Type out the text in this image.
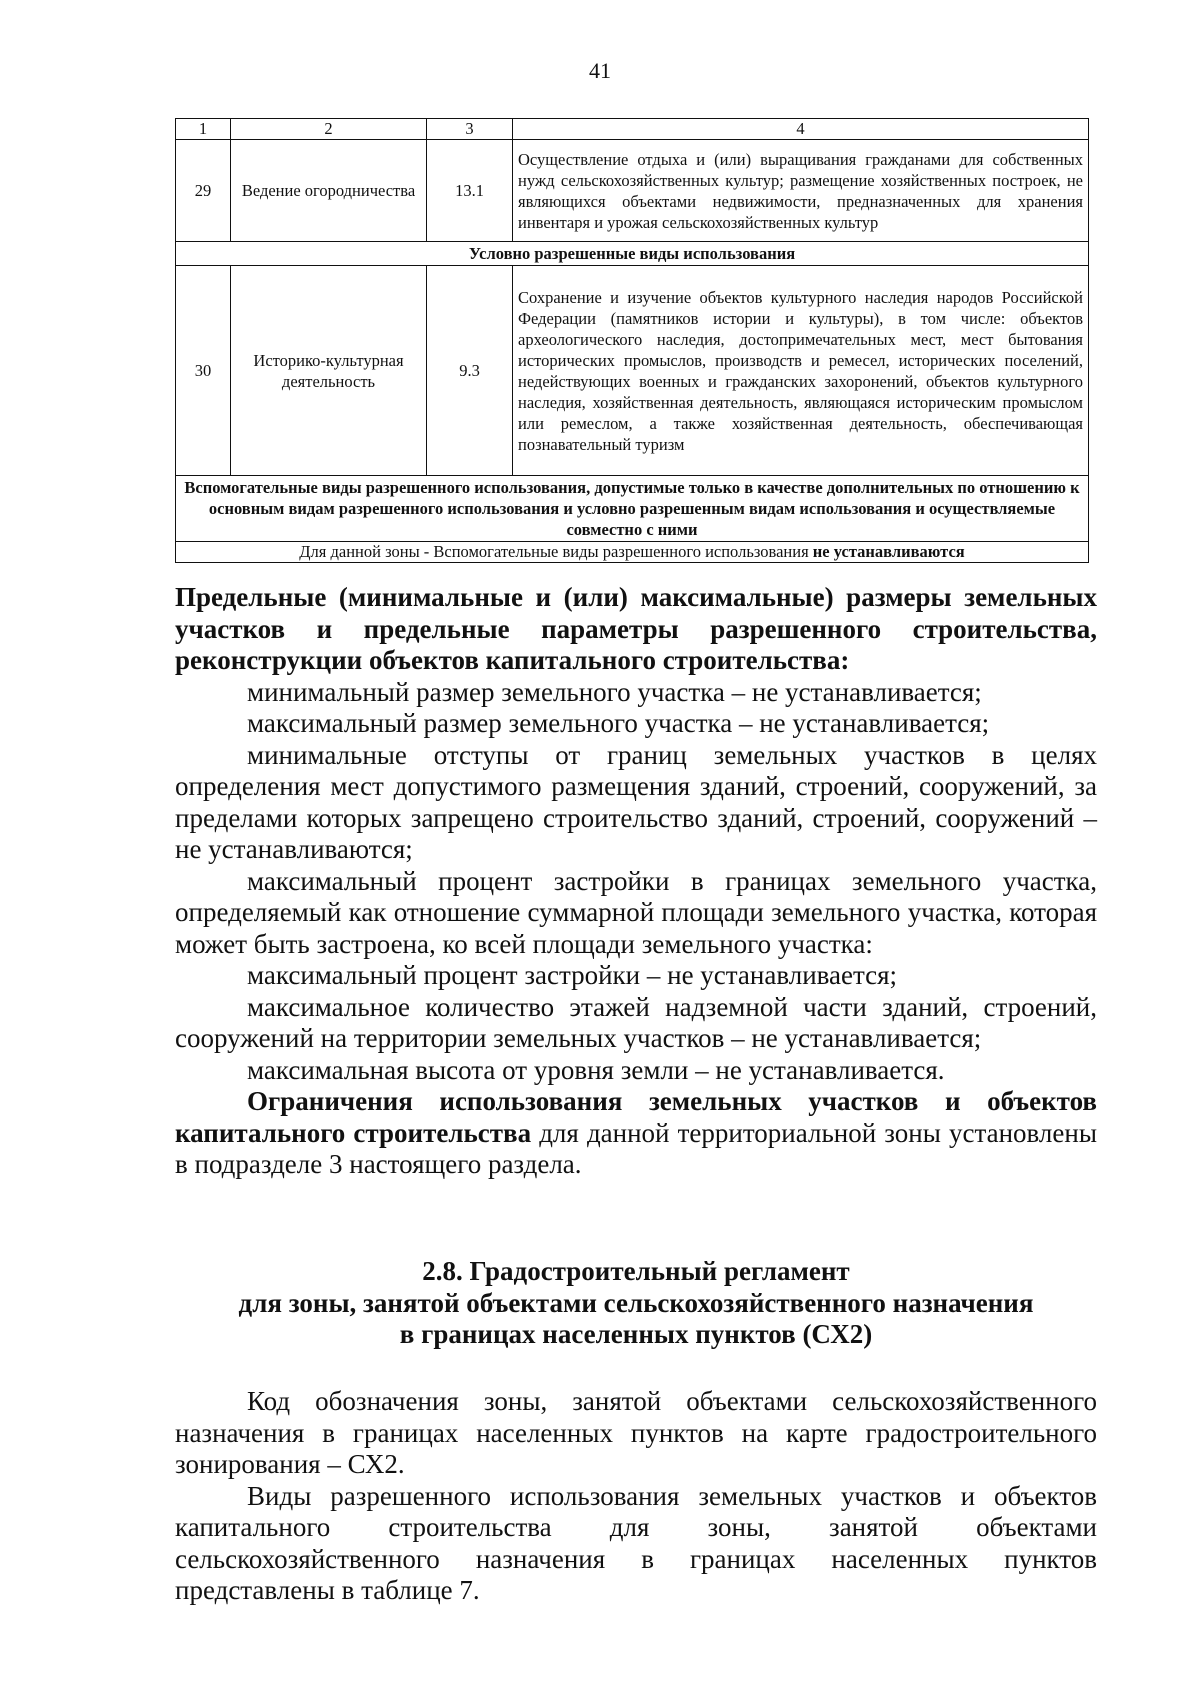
41
1	2	3	4
29	Ведение огородничества	13.1	Осуществление отдыха и (или) выращивания гражданами для собственных нужд сельскохозяйственных культур; размещение хозяйственных построек, не являющихся объектами недвижимости, предназначенных для хранения инвентаря и урожая сельскохозяйственных культур
Условно разрешенные виды использования			
30	Историко-культурная деятельность	9.3	Сохранение и изучение объектов культурного наследия народов Российской Федерации (памятников истории и культуры), в том числе: объектов археологического наследия, достопримечательных мест, мест бытования исторических промыслов, производств и ремесел, исторических поселений, недействующих военных и гражданских захоронений, объектов культурного наследия, хозяйственная деятельность, являющаяся историческим промыслом или ремеслом, а также хозяйственная деятельность, обеспечивающая познавательный туризм
Вспомогательные виды разрешенного использования, допустимые только в качестве дополнительных по отношению к основным видам разрешенного использования и условно разрешенным видам использования и осуществляемые совместно с ними			
Для данной зоны - Вспомогательные виды разрешенного использования не устанавливаются			

Предельные (минимальные и (или) максимальные) размеры земельных участков и предельные параметры разрешенного строительства, реконструкции объектов капитального строительства:

минимальный размер земельного участка – не устанавливается;

максимальный размер земельного участка – не устанавливается;

минимальные отступы от границ земельных участков в целях определения мест допустимого размещения зданий, строений, сооружений, за пределами которых запрещено строительство зданий, строений, сооружений – не устанавливаются;

максимальный процент застройки в границах земельного участка, определяемый как отношение суммарной площади земельного участка, которая может быть застроена, ко всей площади земельного участка:

максимальный процент застройки – не устанавливается;

максимальное количество этажей надземной части зданий, строений, сооружений на территории земельных участков – не устанавливается;

максимальная высота от уровня земли – не устанавливается.

Ограничения использования земельных участков и объектов капитального строительства для данной территориальной зоны установлены в подразделе 3 настоящего раздела.

2.8. Градостроительный регламент
для зоны, занятой объектами сельскохозяйственного назначения
в границах населенных пунктов (СХ2)

Код обозначения зоны, занятой объектами сельскохозяйственного назначения в границах населенных пунктов на карте градостроительного зонирования – СХ2.

Виды разрешенного использования земельных участков и объектов капитального строительства для зоны, занятой объектами сельскохозяйственного назначения в границах населенных пунктов представлены в таблице 7.
